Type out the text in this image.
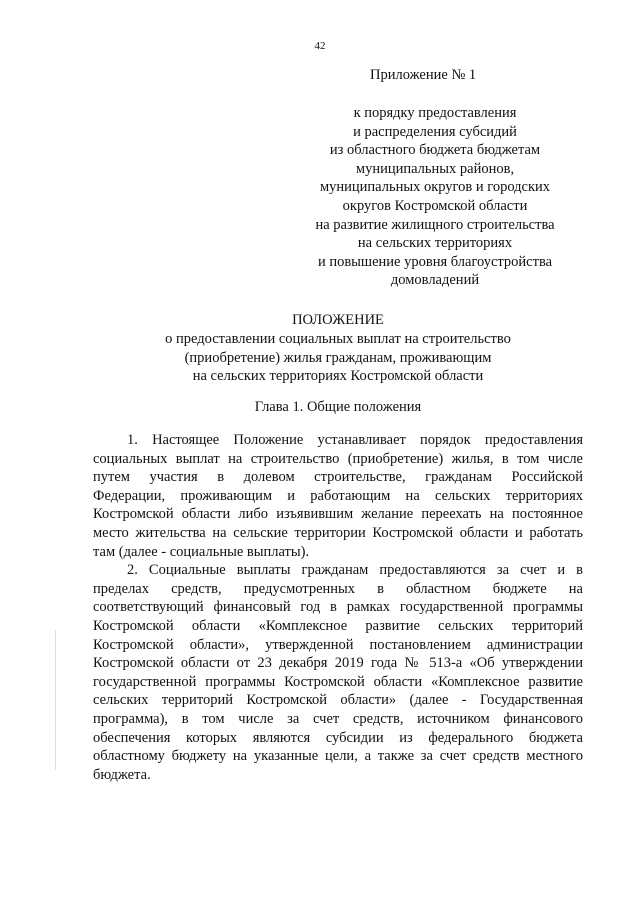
42
Приложение № 1
к порядку предоставления
и распределения субсидий
из областного бюджета бюджетам
муниципальных районов,
муниципальных округов и городских
округов Костромской области
на развитие жилищного строительства
на сельских территориях
и повышение уровня благоустройства
домовладений
ПОЛОЖЕНИЕ
о предоставлении социальных выплат на строительство
(приобретение) жилья гражданам, проживающим
на сельских территориях Костромской области
Глава 1. Общие положения
1. Настоящее Положение устанавливает порядок предоставления
социальных выплат на строительство (приобретение) жилья, в том числе
путем участия в долевом строительстве, гражданам Российской
Федерации, проживающим и работающим на сельских территориях
Костромской области либо изъявившим желание переехать на постоянное
место жительства на сельские территории Костромской области и работать
там (далее - социальные выплаты).
2. Социальные выплаты гражданам предоставляются за счет и в
пределах средств, предусмотренных в областном бюджете на
соответствующий финансовый год в рамках государственной программы
Костромской области «Комплексное развитие сельских территорий
Костромской области», утвержденной постановлением администрации
Костромской области от 23 декабря 2019 года № 513-а «Об утверждении
государственной программы Костромской области «Комплексное развитие
сельских территорий Костромской области» (далее - Государственная
программа), в том числе за счет средств, источником финансового
обеспечения которых являются субсидии из федерального бюджета
областному бюджету на указанные цели, а также за счет средств местного
бюджета.
